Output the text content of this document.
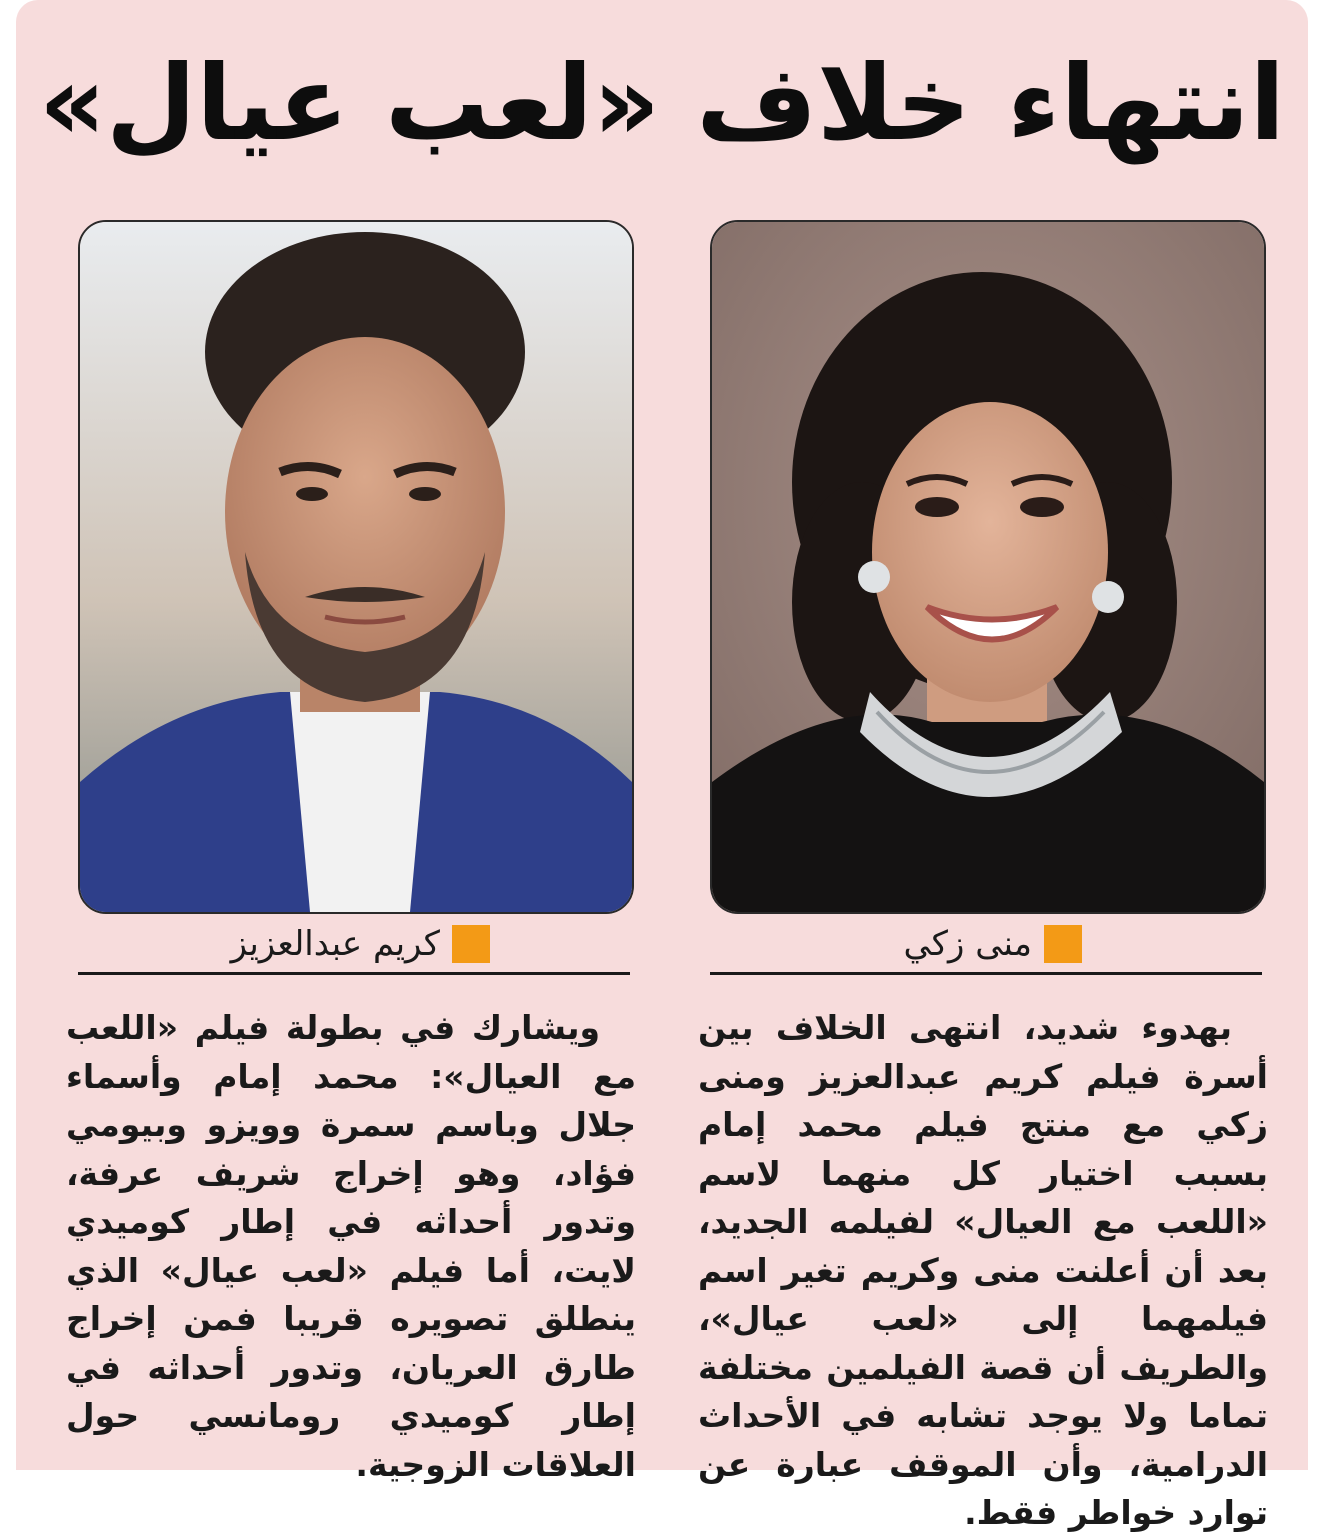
انتهاء خلاف «لعب عيال»
منى زكي
كريم عبدالعزيز
بهدوء شديد، انتهى الخلاف بين أسرة فيلم كريم عبدالعزيز ومنى زكي مع منتج فيلم محمد إمام بسبب اختيار كل منهما لاسم «اللعب مع العيال» لفيلمه الجديد، بعد أن أعلنت منى وكريم تغير اسم فيلمهما إلى «لعب عيال»، والطريف أن قصة الفيلمين مختلفة تماما ولا يوجد تشابه في الأحداث الدرامية، وأن الموقف عبارة عن توارد خواطر فقط.
ويشارك في بطولة فيلم «اللعب مع العيال»: محمد إمام وأسماء جلال وباسم سمرة وويزو وبيومي فؤاد، وهو إخراج شريف عرفة، وتدور أحداثه في إطار كوميدي لايت، أما فيلم «لعب عيال» الذي ينطلق تصويره قريبا فمن إخراج طارق العريان، وتدور أحداثه في إطار كوميدي رومانسي حول العلاقات الزوجية.
